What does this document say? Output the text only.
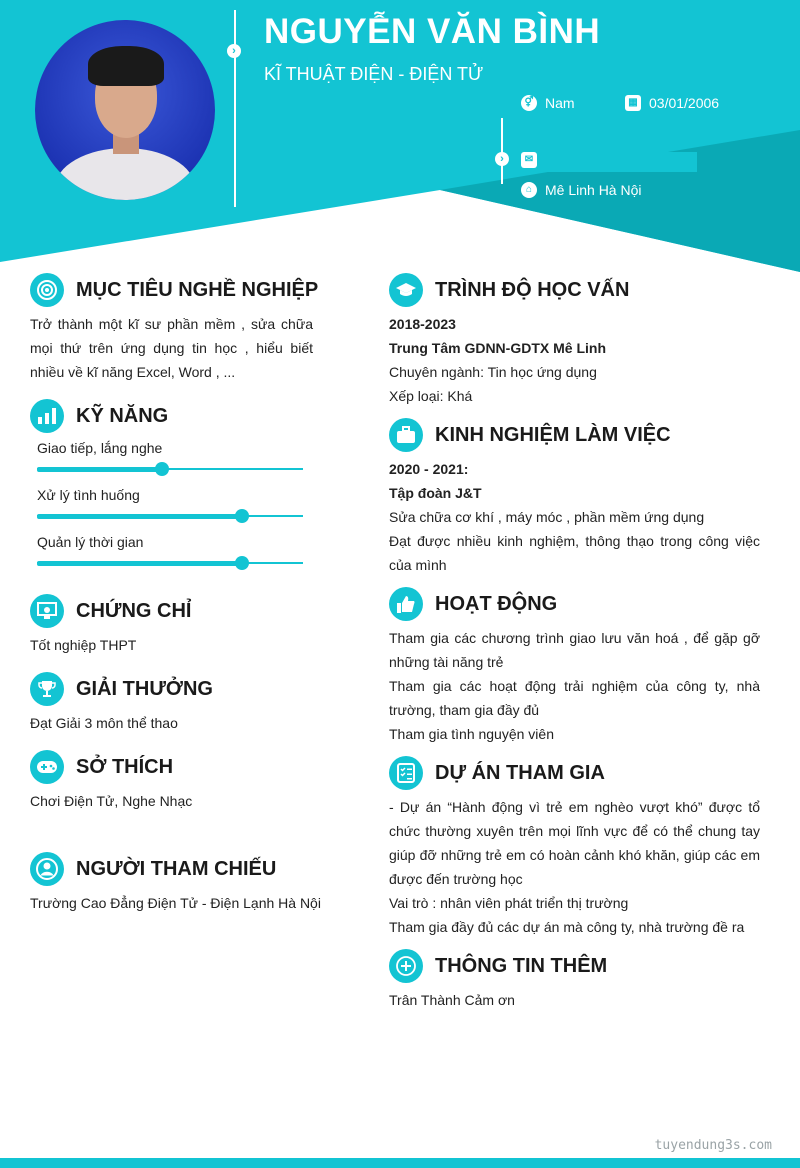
› NGUYỄN VĂN BÌNH
KĨ THUẬT ĐIỆN - ĐIỆN TỬ
›
⚥ Nam	▦ 03/01/2006
✉
⌂ Mê Linh Hà Nội
MỤC TIÊU NGHỀ NGHIỆP
Trở thành một kĩ sư phần mềm , sửa chữa mọi thứ trên ứng dụng tin học , hiểu biết nhiều về kĩ năng Excel, Word , ...
KỸ NĂNG
Giao tiếp, lắng nghe
Xử lý tình huống
Quản lý thời gian
CHỨNG CHỈ
Tốt nghiệp THPT
GIẢI THƯỞNG
Đạt Giải 3 môn thể thao
SỞ THÍCH
Chơi Điện Tử, Nghe Nhạc
NGƯỜI THAM CHIẾU
Trường Cao Đẳng Điện Tử - Điện Lạnh Hà Nội
TRÌNH ĐỘ HỌC VẤN
2018-2023
Trung Tâm GDNN-GDTX Mê Linh
Chuyên ngành: Tin học ứng dụng
Xếp loại: Khá
KINH NGHIỆM LÀM VIỆC
2020 - 2021:
Tập đoàn J&T
Sửa chữa cơ khí , máy móc , phần mềm ứng dụng
Đạt được nhiều kinh nghiệm, thông thạo trong công việc của mình
HOẠT ĐỘNG
Tham gia các chương trình giao lưu văn hoá , để gặp gỡ những tài năng trẻ
Tham gia các hoạt động trải nghiệm của công ty, nhà trường, tham gia đầy đủ
Tham gia tình nguyện viên
DỰ ÁN THAM GIA
- Dự án “Hành động vì trẻ em nghèo vượt khó” được tổ chức thường xuyên trên mọi lĩnh vực để có thể chung tay giúp đỡ những trẻ em có hoàn cảnh khó khăn, giúp các em được đến trường học
Vai trò : nhân viên phát triển thị trường
Tham gia đầy đủ các dự án mà công ty, nhà trường đề ra
THÔNG TIN THÊM
Trân Thành Cảm ơn
tuyendung3s.com
